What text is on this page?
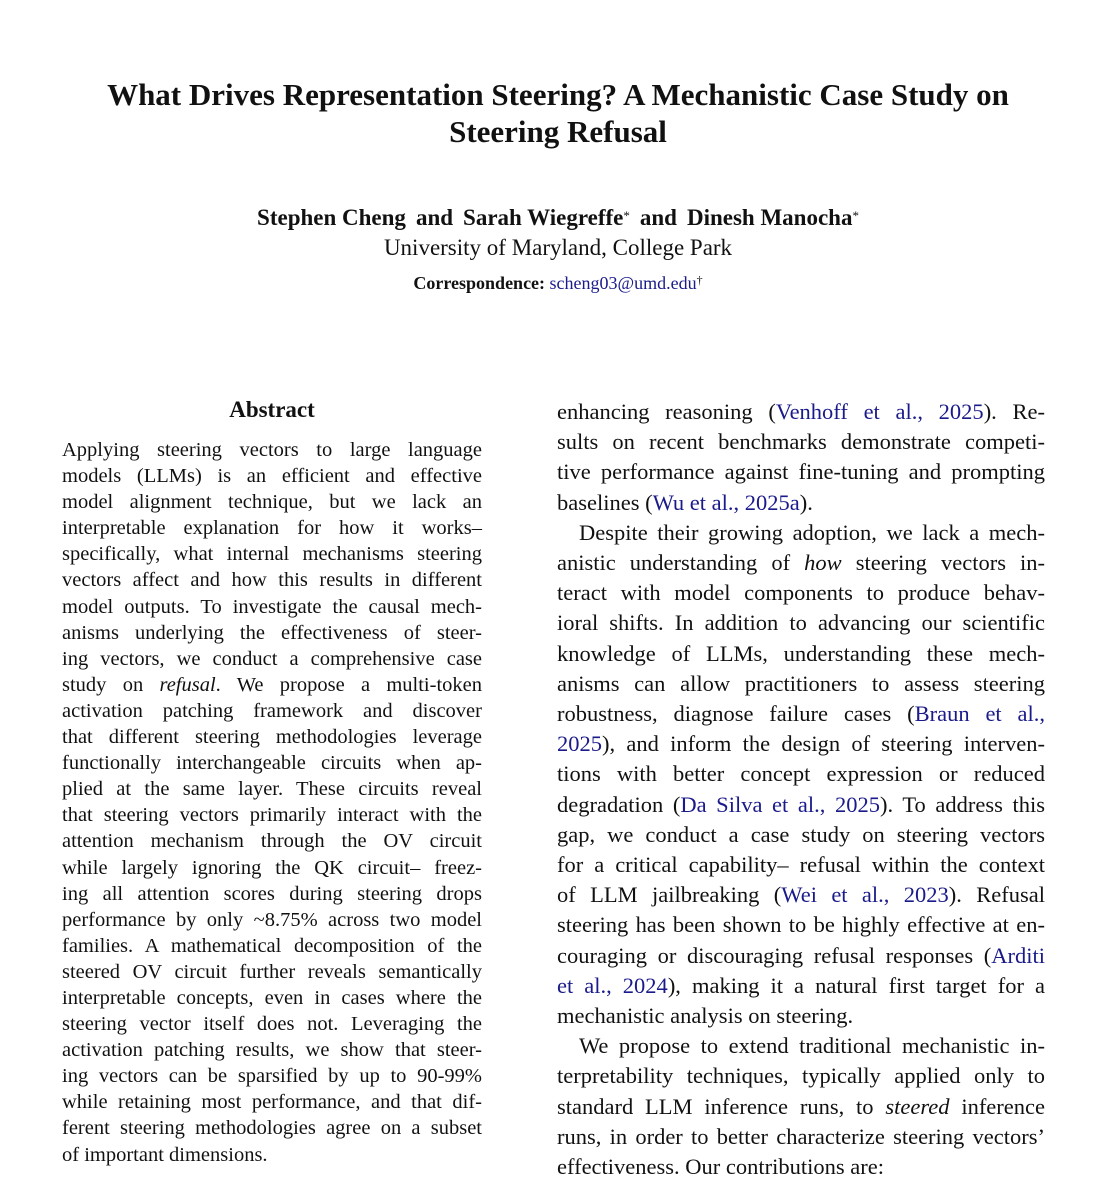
What Drives Representation Steering? A Mechanistic Case Study on
Steering Refusal
Stephen Cheng and Sarah Wiegreffe* and Dinesh Manocha*
University of Maryland, College Park
Correspondence: scheng03@umd.edu†
Abstract
Applying steering vectors to large language
models (LLMs) is an efficient and effective
model alignment technique, but we lack an
interpretable explanation for how it works–
specifically, what internal mechanisms steering
vectors affect and how this results in different
model outputs. To investigate the causal mech-
anisms underlying the effectiveness of steer-
ing vectors, we conduct a comprehensive case
study on refusal. We propose a multi-token
activation patching framework and discover
that different steering methodologies leverage
functionally interchangeable circuits when ap-
plied at the same layer. These circuits reveal
that steering vectors primarily interact with the
attention mechanism through the OV circuit
while largely ignoring the QK circuit– freez-
ing all attention scores during steering drops
performance by only ~8.75% across two model
families. A mathematical decomposition of the
steered OV circuit further reveals semantically
interpretable concepts, even in cases where the
steering vector itself does not. Leveraging the
activation patching results, we show that steer-
ing vectors can be sparsified by up to 90-99%
while retaining most performance, and that dif-
ferent steering methodologies agree on a subset
of important dimensions.
enhancing reasoning (Venhoff et al., 2025). Re-
sults on recent benchmarks demonstrate competi-
tive performance against fine-tuning and prompting
baselines (Wu et al., 2025a).
Despite their growing adoption, we lack a mech-
anistic understanding of how steering vectors in-
teract with model components to produce behav-
ioral shifts. In addition to advancing our scientific
knowledge of LLMs, understanding these mech-
anisms can allow practitioners to assess steering
robustness, diagnose failure cases (Braun et al.,
2025), and inform the design of steering interven-
tions with better concept expression or reduced
degradation (Da Silva et al., 2025). To address this
gap, we conduct a case study on steering vectors
for a critical capability– refusal within the context
of LLM jailbreaking (Wei et al., 2023). Refusal
steering has been shown to be highly effective at en-
couraging or discouraging refusal responses (Arditi
et al., 2024), making it a natural first target for a
mechanistic analysis on steering.
We propose to extend traditional mechanistic in-
terpretability techniques, typically applied only to
standard LLM inference runs, to steered inference
runs, in order to better characterize steering vectors’
effectiveness. Our contributions are:
